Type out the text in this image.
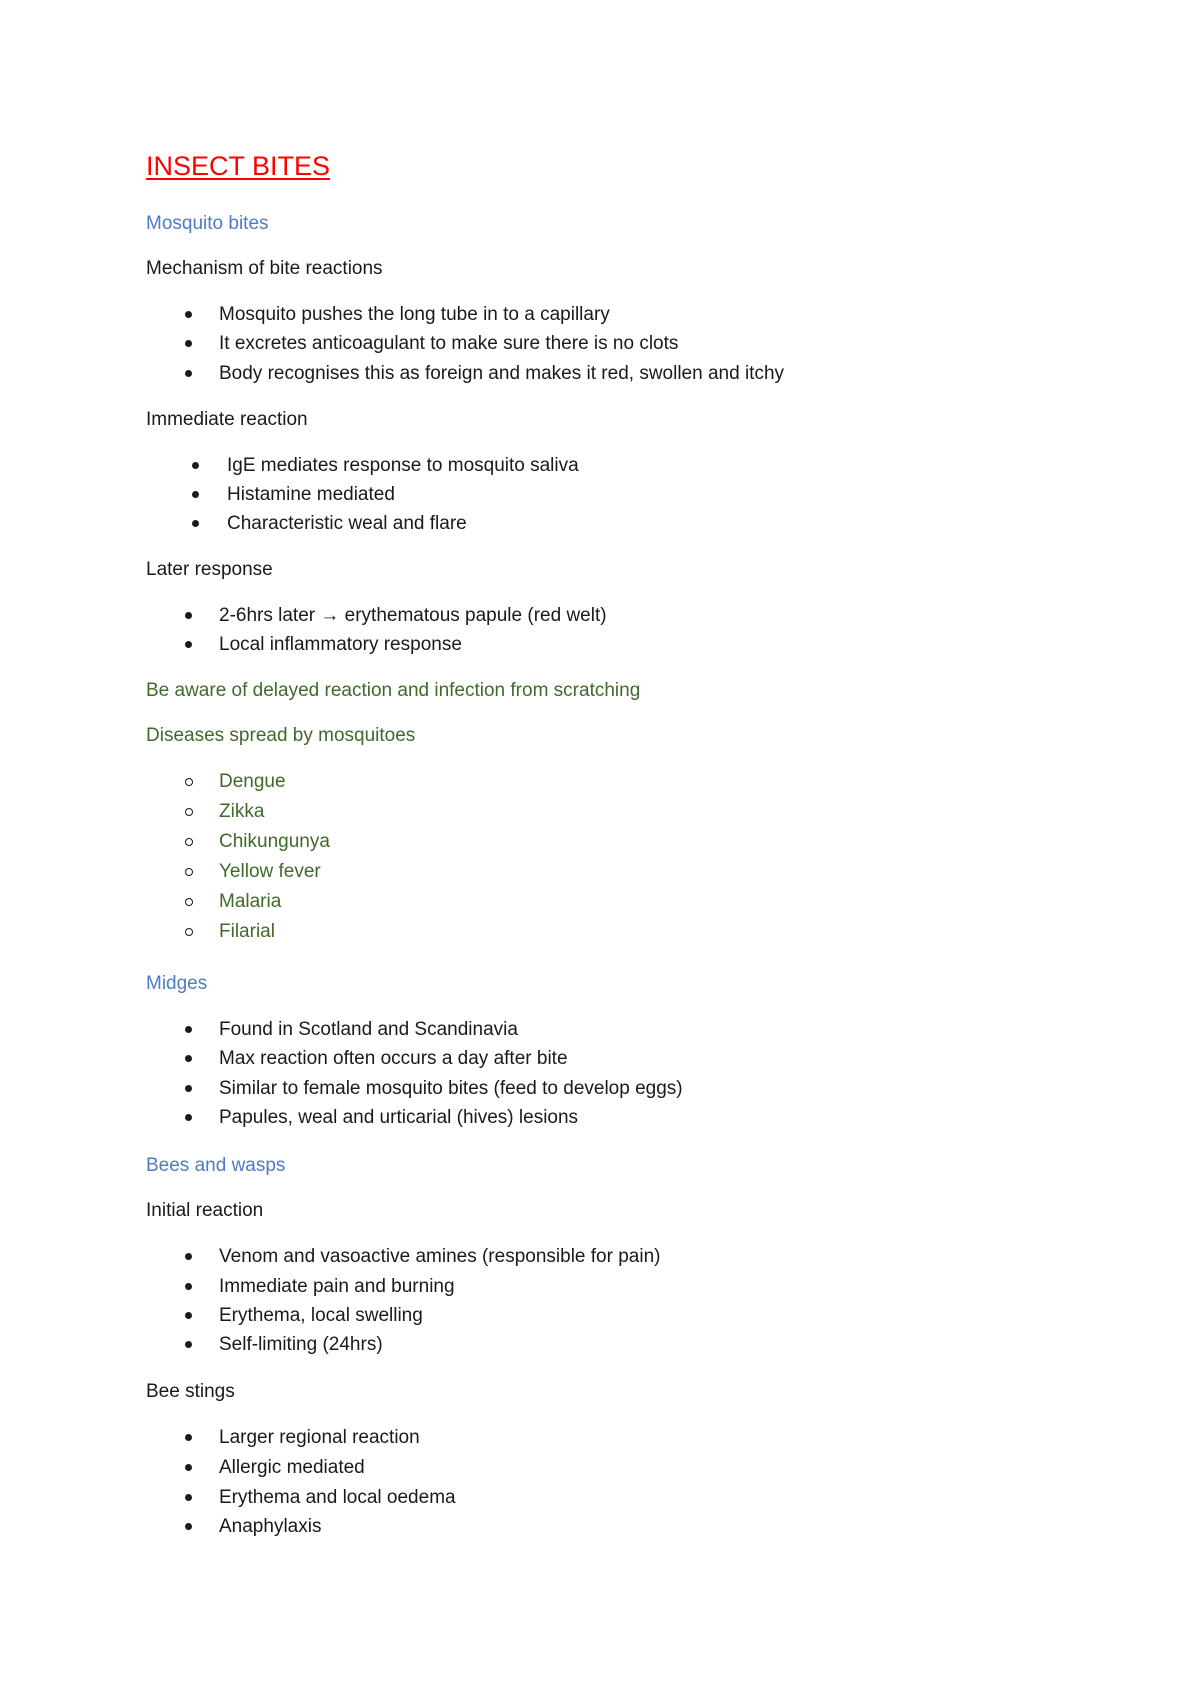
INSECT BITES
Mosquito bites
Mechanism of bite reactions
Mosquito pushes the long tube in to a capillary
It excretes anticoagulant to make sure there is no clots
Body recognises this as foreign and makes it red, swollen and itchy
Immediate reaction
IgE mediates response to mosquito saliva
Histamine mediated
Characteristic weal and flare
Later response
2-6hrs later → erythematous papule (red welt)
Local inflammatory response
Be aware of delayed reaction and infection from scratching
Diseases spread by mosquitoes
Dengue
Zikka
Chikungunya
Yellow fever
Malaria
Filarial
Midges
Found in Scotland and Scandinavia
Max reaction often occurs a day after bite
Similar to female mosquito bites (feed to develop eggs)
Papules, weal and urticarial (hives) lesions
Bees and wasps
Initial reaction
Venom and vasoactive amines (responsible for pain)
Immediate pain and burning
Erythema, local swelling
Self-limiting (24hrs)
Bee stings
Larger regional reaction
Allergic mediated
Erythema and local oedema
Anaphylaxis
